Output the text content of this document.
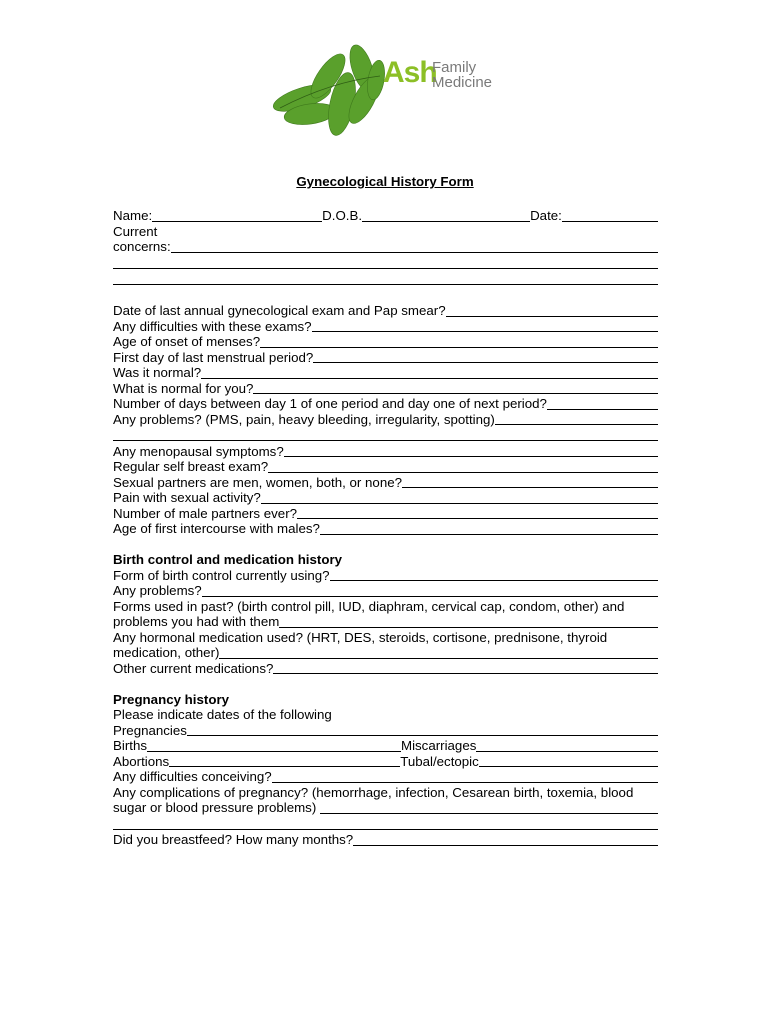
Ash
Family
Medicine
Gynecological History Form
Name:	D.O.B.	Date:
Current
concerns:
Date of last annual gynecological exam and Pap smear?
Any difficulties with these exams?
Age of onset of menses?
First day of last menstrual period?
Was it normal?
What is normal for you?
Number of days between day 1 of one period and day one of next period?
Any problems? (PMS, pain, heavy bleeding, irregularity, spotting)
Any menopausal symptoms?
Regular self breast exam?
Sexual partners are men, women, both, or none?
Pain with sexual activity?
Number of male partners ever?
Age of first intercourse with males?
Birth control and medication history
Form of birth control currently using?
Any problems?
Forms used in past? (birth control pill, IUD, diaphram, cervical cap, condom, other) and
problems you had with them
Any hormonal medication used? (HRT, DES, steroids, cortisone, prednisone, thyroid
medication, other)
Other current medications?
Pregnancy history
Please indicate dates of the following
Pregnancies
Births	Miscarriages
Abortions	Tubal/ectopic
Any difficulties conceiving?
Any complications of pregnancy? (hemorrhage, infection, Cesarean birth, toxemia, blood
sugar or blood pressure problems)
Did you breastfeed? How many months?
